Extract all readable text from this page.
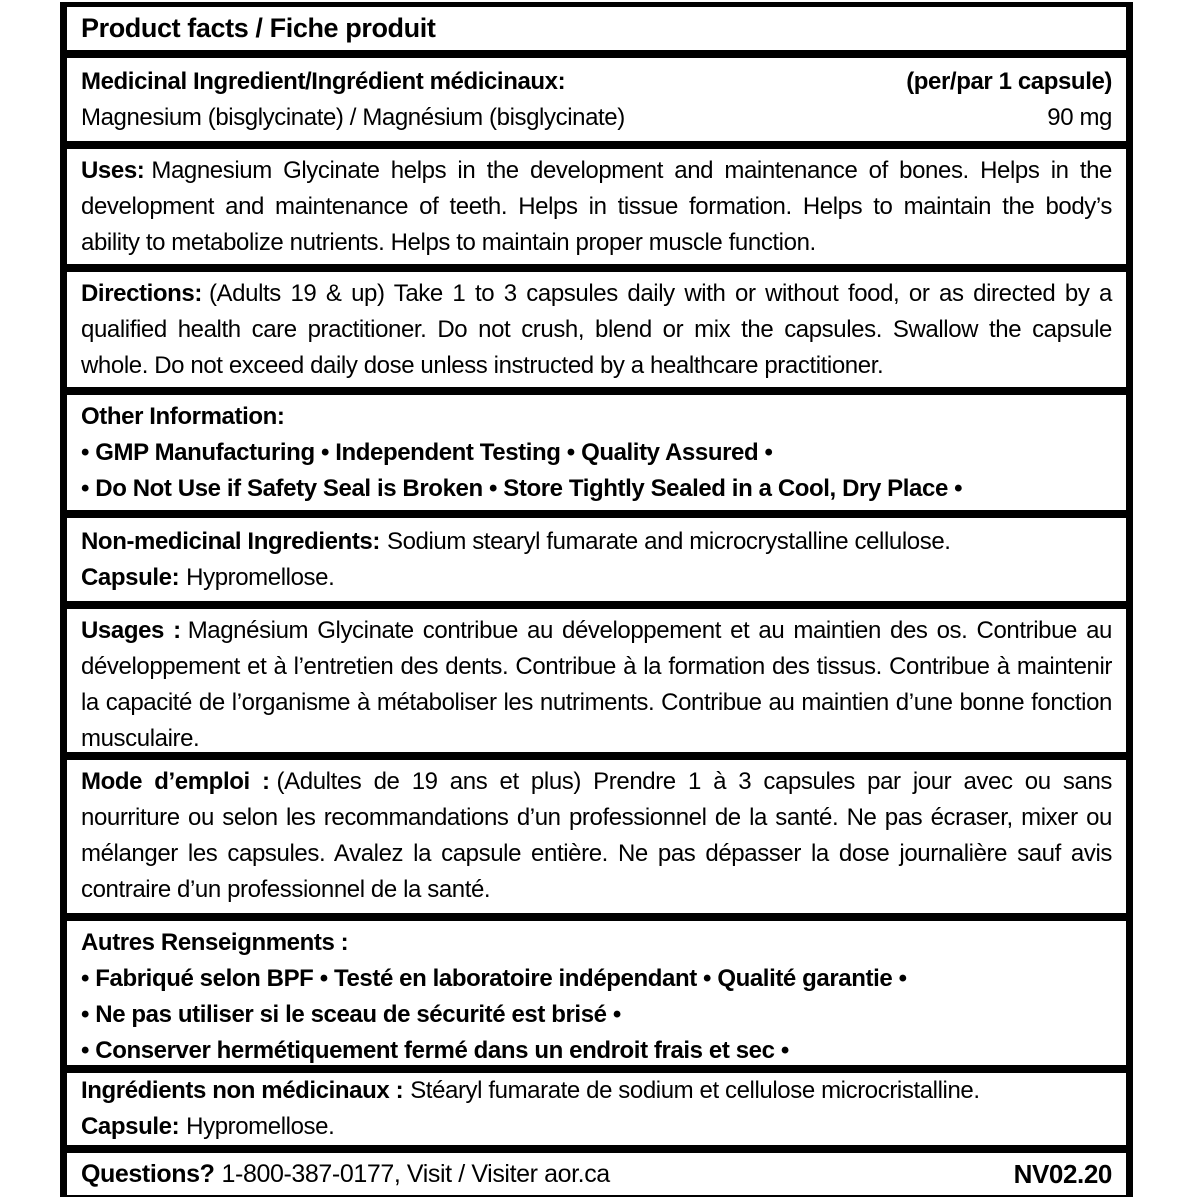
Product facts / Fiche produit
Medicinal Ingredient/Ingrédient médicinaux:	(per/par 1 capsule)
Magnesium (bisglycinate) / Magnésium (bisglycinate)	90 mg

Uses: Magnesium Glycinate helps in the development and maintenance of bones. Helps in the development and maintenance of teeth. Helps in tissue formation. Helps to maintain the body’s ability to metabolize nutrients. Helps to maintain proper muscle function.

Directions: (Adults 19 & up) Take 1 to 3 capsules daily with or without food, or as directed by a qualified health care practitioner. Do not crush, blend or mix the capsules. Swallow the capsule whole. Do not exceed daily dose unless instructed by a healthcare practitioner.

Other Information:
• GMP Manufacturing • Independent Testing • Quality Assured •
• Do Not Use if Safety Seal is Broken • Store Tightly Sealed in a Cool, Dry Place •
Non-medicinal Ingredients: Sodium stearyl fumarate and microcrystalline cellulose.
Capsule: Hypromellose.

Usages : Magnésium Glycinate contribue au développement et au maintien des os. Contribue au développement et à l’entretien des dents. Contribue à la formation des tissus. Contribue à maintenir la capacité de l’organisme à métaboliser les nutriments. Contribue au maintien d’une bonne fonction musculaire.

Mode d’emploi : (Adultes de 19 ans et plus) Prendre 1 à 3 capsules par jour avec ou sans nourriture ou selon les recommandations d’un professionnel de la santé. Ne pas écraser, mixer ou mélanger les capsules. Avalez la capsule entière. Ne pas dépasser la dose journalière sauf avis contraire d’un professionnel de la santé.

Autres Renseignments :
• Fabriqué selon BPF • Testé en laboratoire indépendant • Qualité garantie •
• Ne pas utiliser si le sceau de sécurité est brisé •
• Conserver hermétiquement fermé dans un endroit frais et sec •
Ingrédients non médicinaux : Stéaryl fumarate de sodium et cellulose microcristalline.
Capsule: Hypromellose.
Questions? 1-800-387-0177, Visit / Visiter aor.ca	NV02.20
